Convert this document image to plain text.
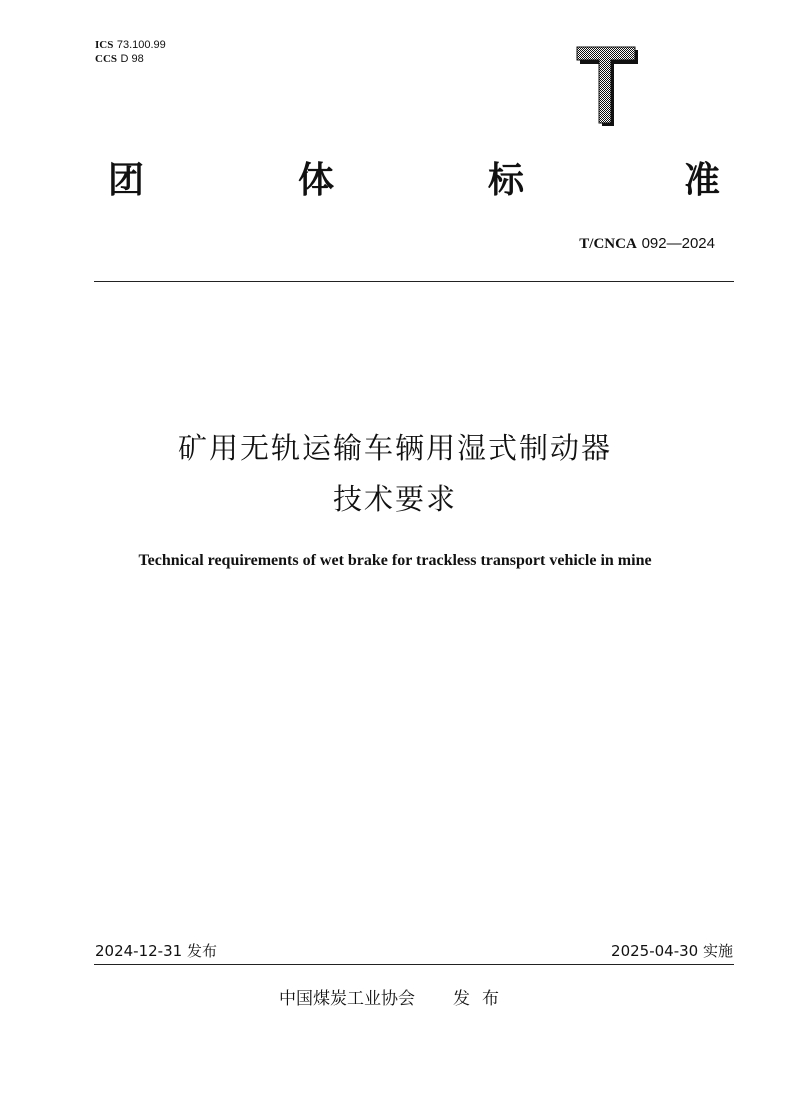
ICS 73.100.99
CCS D 98
团	体	标	准
T/CNCA 092—2024
矿用无轨运输车辆用湿式制动器
技术要求
Technical requirements of wet brake for trackless transport vehicle in mine
2024-12-31 发布	2025-04-30 实施
中国煤炭工业协会 发布
